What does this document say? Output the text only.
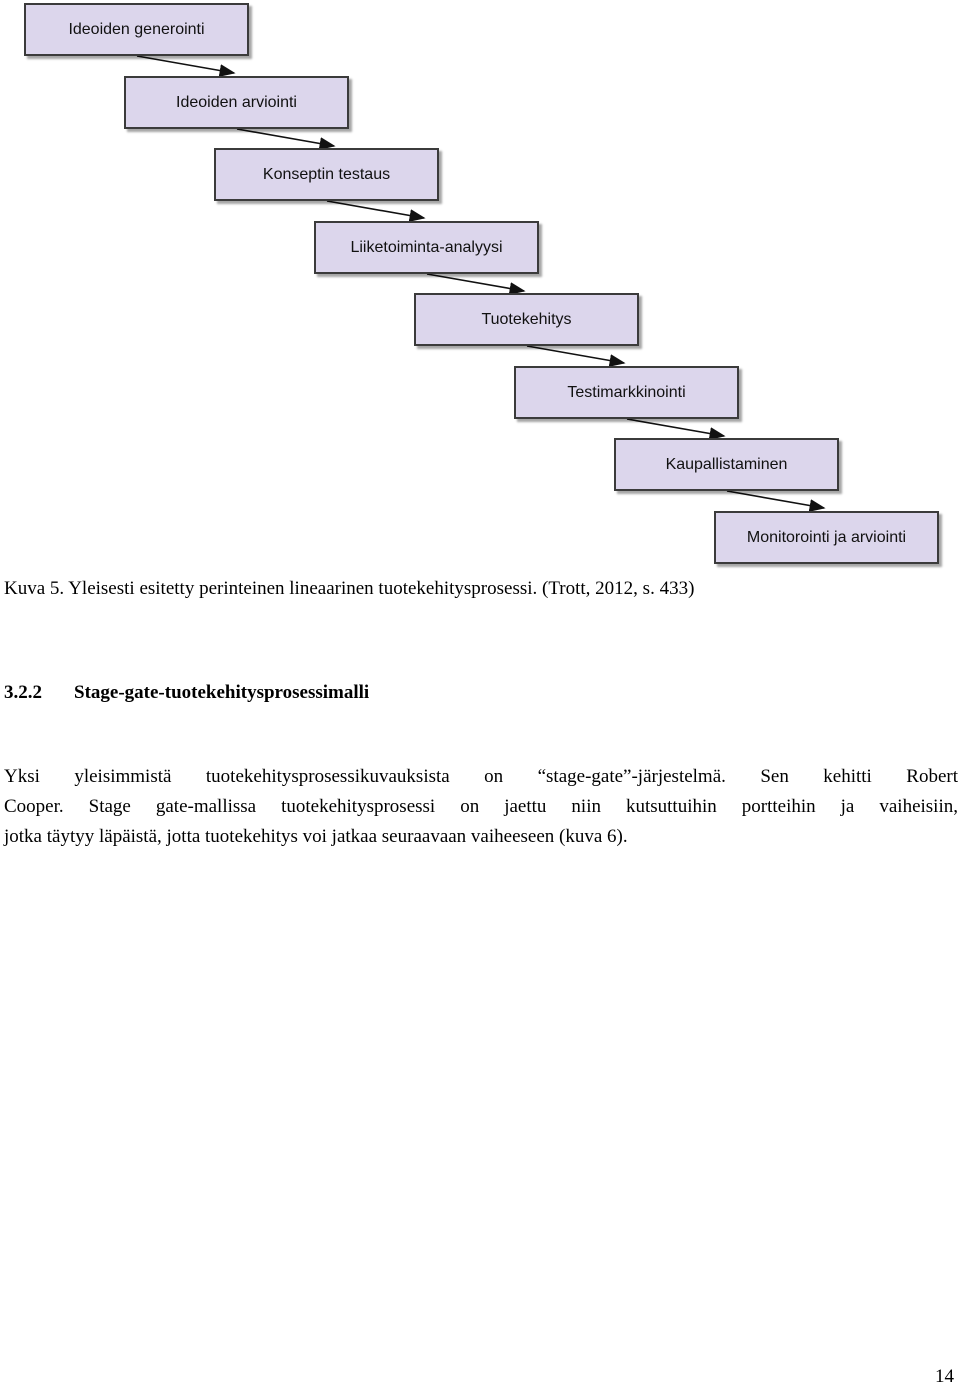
Ideoiden generointi
Ideoiden arviointi
Konseptin testaus
Liiketoiminta-analyysi
Tuotekehitys
Testimarkkinointi
Kaupallistaminen
Monitorointi ja arviointi
Kuva 5. Yleisesti esitetty perinteinen lineaarinen tuotekehitysprosessi. (Trott, 2012, s. 433)
3.2.2 Stage-gate-tuotekehitysprosessimalli
Yksi yleisimmistä tuotekehitysprosessikuvauksista on “stage-gate”-järjestelmä. Sen kehitti Robert
Cooper. Stage gate-mallissa tuotekehitysprosessi on jaettu niin kutsuttuihin portteihin ja vaiheisiin,
jotka täytyy läpäistä, jotta tuotekehitys voi jatkaa seuraavaan vaiheeseen (kuva 6).
14
